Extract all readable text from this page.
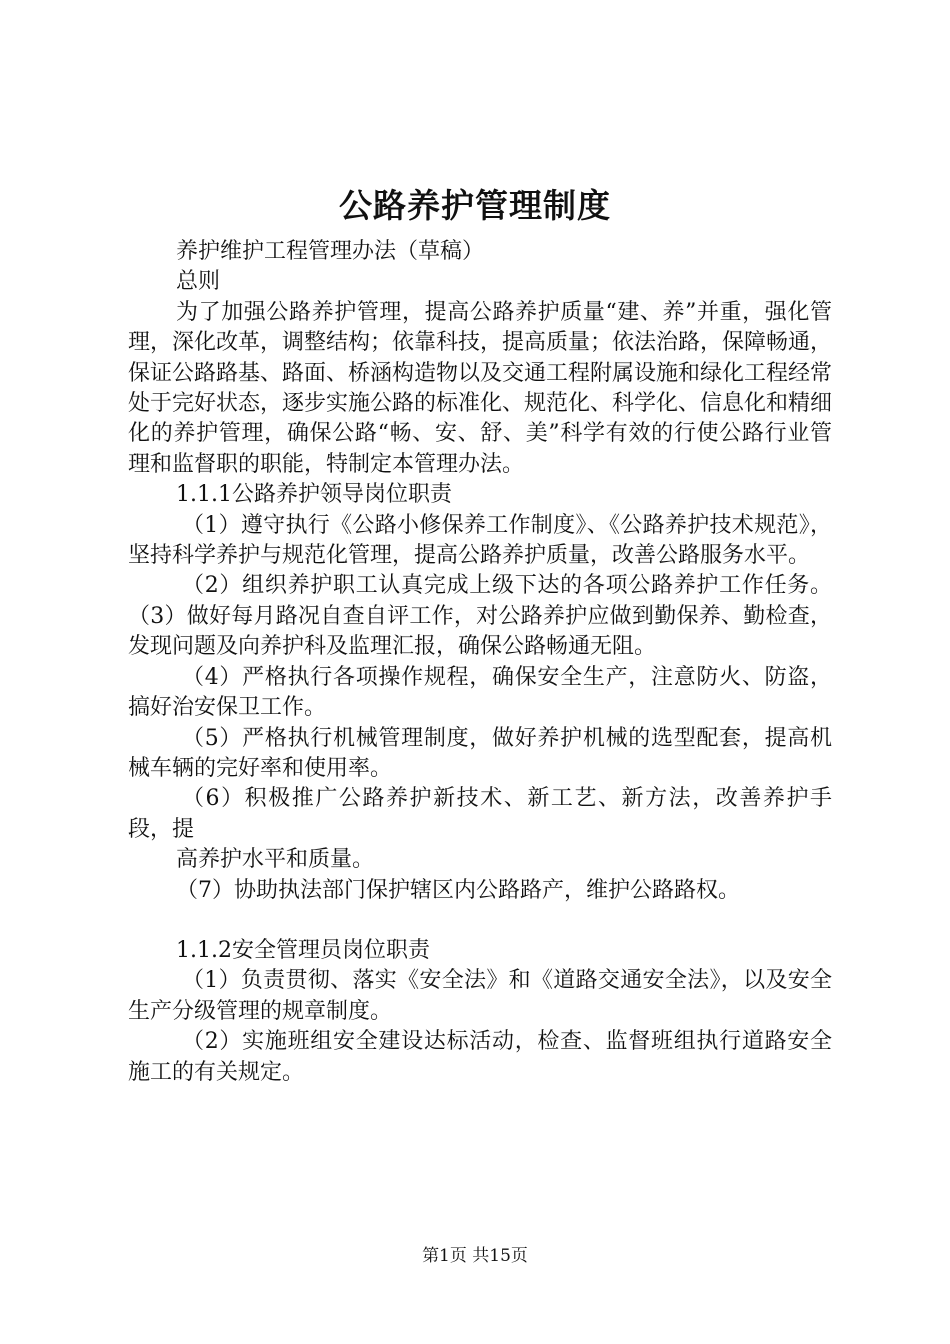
公路养护管理制度

养护维护工程管理办法（草稿）

总则

为了加强公路养护管理，提高公路养护质量“建、养”并重，强化管理，深化改革，调整结构；依靠科技，提高质量；依法治路，保障畅通，保证公路路基、路面、桥涵构造物以及交通工程附属设施和绿化工程经常处于完好状态，逐步实施公路的标准化、规范化、科学化、信息化和精细化的养护管理，确保公路“畅、安、舒、美”科学有效的行使公路行业管理和监督职的职能，特制定本管理办法。

1.1.1公路养护领导岗位职责

（1）遵守执行《公路小修保养工作制度》、《公路养护技术规范》，坚持科学养护与规范化管理，提高公路养护质量，改善公路服务水平。

（2）组织养护职工认真完成上级下达的各项公路养护工作任务。（3）做好每月路况自查自评工作，对公路养护应做到勤保养、勤检查，发现问题及向养护科及监理汇报，确保公路畅通无阻。

（4）严格执行各项操作规程，确保安全生产，注意防火、防盗，搞好治安保卫工作。

（5）严格执行机械管理制度，做好养护机械的选型配套，提高机械车辆的完好率和使用率。

（6）积极推广公路养护新技术、新工艺、新方法，改善养护手段，提

高养护水平和质量。

（7）协助执法部门保护辖区内公路路产，维护公路路权。

1.1.2安全管理员岗位职责

（1）负责贯彻、落实《安全法》和《道路交通安全法》，以及安全生产分级管理的规章制度。

（2）实施班组安全建设达标活动，检查、监督班组执行道路安全施工的有关规定。

第1页 共15页
